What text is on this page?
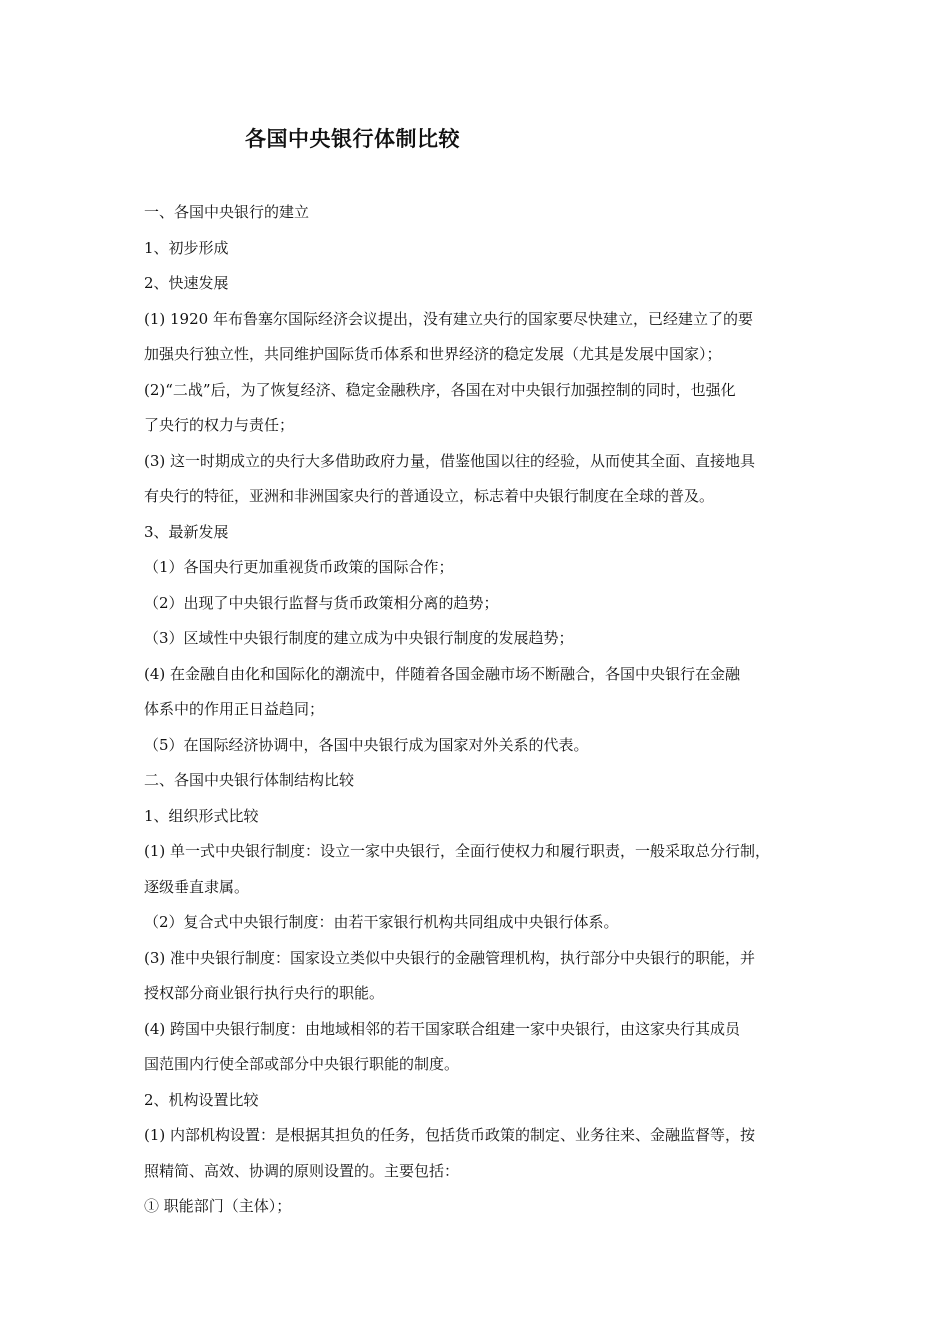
各国中央银行体制比较
一、各国中央银行的建立
1、初步形成
2、快速发展
(1) 1920 年布鲁塞尔国际经济会议提出，没有建立央行的国家要尽快建立，已经建立了的要
加强央行独立性，共同维护国际货币体系和世界经济的稳定发展（尤其是发展中国家）；
(2)“二战”后，为了恢复经济、稳定金融秩序，各国在对中央银行加强控制的同时，也强化
了央行的权力与责任；
(3) 这一时期成立的央行大多借助政府力量，借鉴他国以往的经验，从而使其全面、直接地具
有央行的特征，亚洲和非洲国家央行的普通设立，标志着中央银行制度在全球的普及。
3、最新发展
（1）各国央行更加重视货币政策的国际合作；
（2）出现了中央银行监督与货币政策相分离的趋势；
（3）区域性中央银行制度的建立成为中央银行制度的发展趋势；
(4) 在金融自由化和国际化的潮流中，伴随着各国金融市场不断融合，各国中央银行在金融
体系中的作用正日益趋同；
（5）在国际经济协调中，各国中央银行成为国家对外关系的代表。
二、各国中央银行体制结构比较
1、组织形式比较
(1) 单一式中央银行制度：设立一家中央银行，全面行使权力和履行职责，一般采取总分行制，
逐级垂直隶属。
（2）复合式中央银行制度：由若干家银行机构共同组成中央银行体系。
(3) 准中央银行制度：国家设立类似中央银行的金融管理机构，执行部分中央银行的职能，并
授权部分商业银行执行央行的职能。
(4) 跨国中央银行制度：由地域相邻的若干国家联合组建一家中央银行，由这家央行其成员
国范围内行使全部或部分中央银行职能的制度。
2、机构设置比较
(1) 内部机构设置：是根据其担负的任务，包括货币政策的制定、业务往来、金融监督等，按
照精简、高效、协调的原则设置的。主要包括：
① 职能部门（主体）；
